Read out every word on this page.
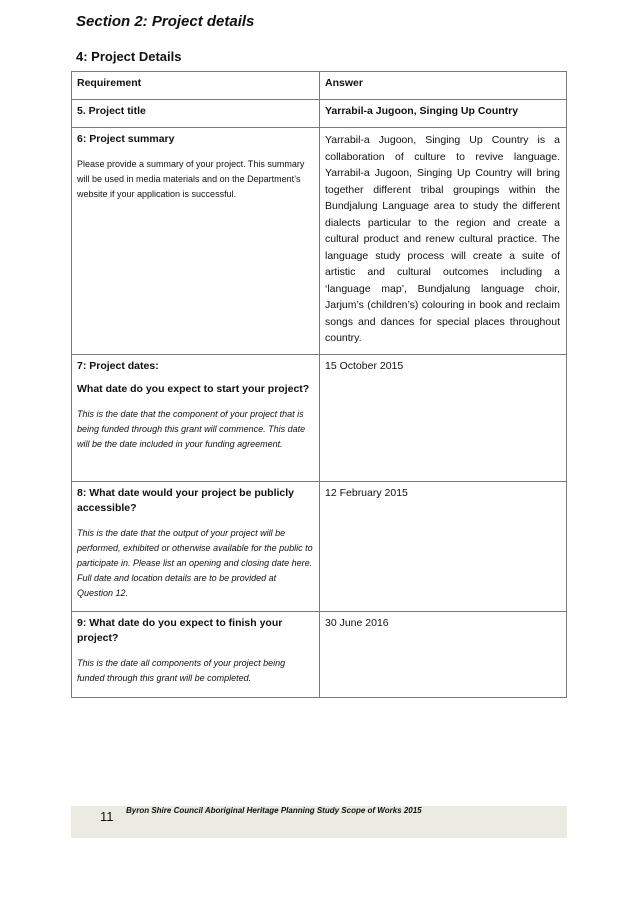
Section 2: Project details
4: Project Details
Requirement	Answer
5. Project title	Yarrabil-a Jugoon, Singing Up Country

6: Project summary
Please provide a summary of your project. This summary will be used in media materials and on the Department’s website if your application is successful.	Yarrabil-a Jugoon, Singing Up Country is a collaboration of culture to revive language. Yarrabil-a Jugoon, Singing Up Country will bring together different tribal groupings within the Bundjalung Language area to study the different dialects particular to the region and create a cultural product and renew cultural practice. The language study process will create a suite of artistic and cultural outcomes including a ‘language map’, Bundjalung language choir, Jarjum’s (children’s) colouring in book and reclaim songs and dances for special places throughout country.

7: Project dates:
What date do you expect to start your project?
This is the date that the component of your project that is being funded through this grant will commence. This date will be the date included in your funding agreement.	15 October 2015

8: What date would your project be publicly accessible?
This is the date that the output of your project will be performed, exhibited or otherwise available for the public to participate in. Please list an opening and closing date here. Full date and location details are to be provided at Question 12.	12 February 2015

9: What date do you expect to finish your project?
This is the date all components of your project being funded through this grant will be completed.	30 June 2016
11 Byron Shire Council Aboriginal Heritage Planning Study Scope of Works 2015
